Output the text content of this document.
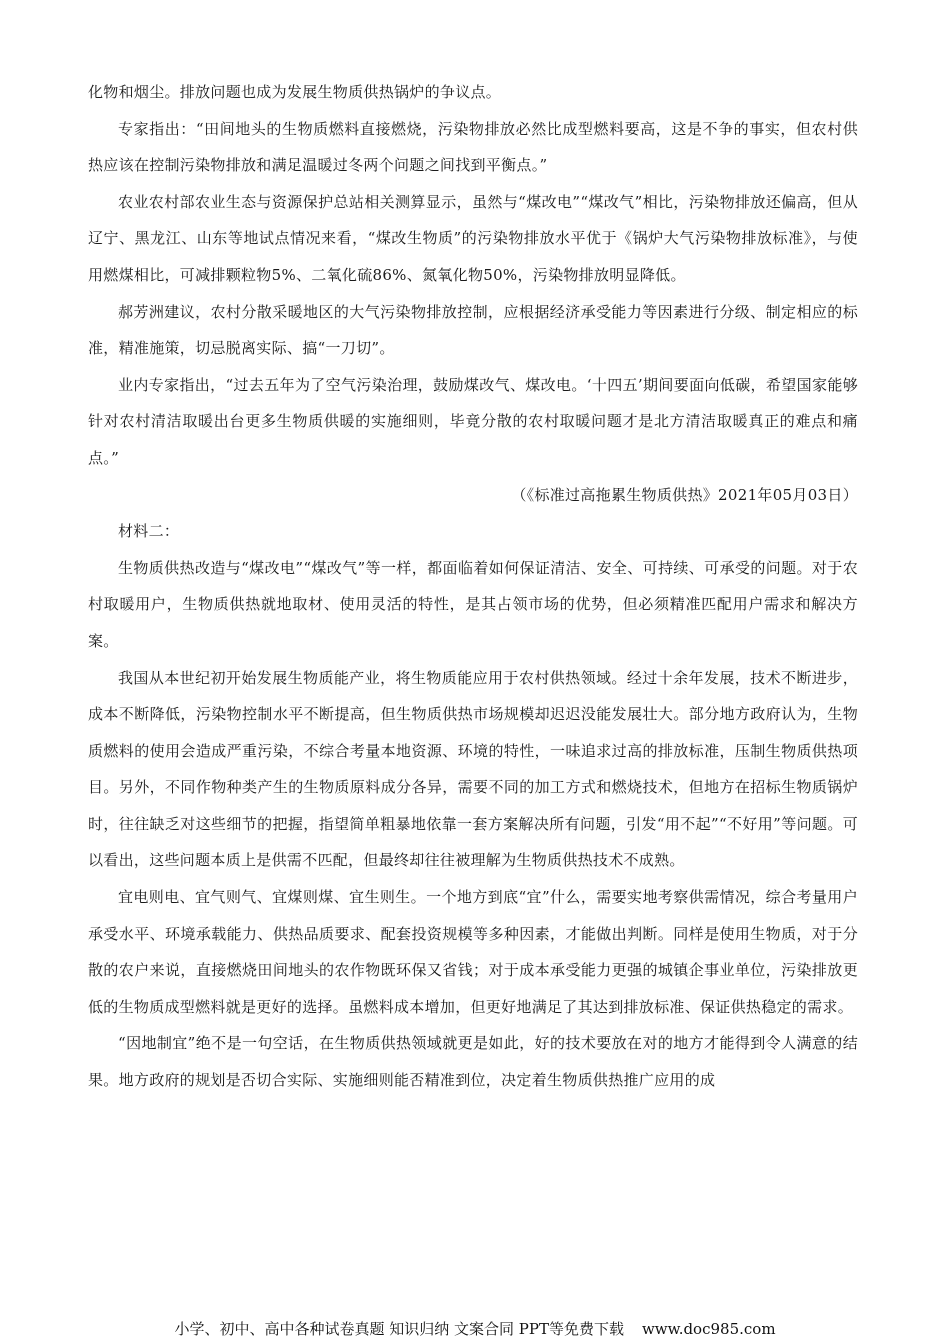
化物和烟尘。排放问题也成为发展生物质供热锅炉的争议点。

专家指出：“田间地头的生物质燃料直接燃烧，污染物排放必然比成型燃料要高，这是不争的事实，但农村供热应该在控制污染物排放和满足温暖过冬两个问题之间找到平衡点。”

农业农村部农业生态与资源保护总站相关测算显示，虽然与“煤改电”“煤改气”相比，污染物排放还偏高，但从辽宁、黑龙江、山东等地试点情况来看，“煤改生物质”的污染物排放水平优于《锅炉大气污染物排放标准》，与使用燃煤相比，可减排颗粒物5%、二氧化硫86%、氮氧化物50%，污染物排放明显降低。

郝芳洲建议，农村分散采暖地区的大气污染物排放控制，应根据经济承受能力等因素进行分级、制定相应的标准，精准施策，切忌脱离实际、搞“一刀切”。

业内专家指出，“过去五年为了空气污染治理，鼓励煤改气、煤改电。‘十四五’期间要面向低碳，希望国家能够针对农村清洁取暖出台更多生物质供暖的实施细则，毕竟分散的农村取暖问题才是北方清洁取暖真正的难点和痛点。”

（《标准过高拖累生物质供热》2021年05月03日）

材料二：

生物质供热改造与“煤改电”“煤改气”等一样，都面临着如何保证清洁、安全、可持续、可承受的问题。对于农村取暖用户，生物质供热就地取材、使用灵活的特性，是其占领市场的优势，但必须精准匹配用户需求和解决方案。

我国从本世纪初开始发展生物质能产业，将生物质能应用于农村供热领域。经过十余年发展，技术不断进步，成本不断降低，污染物控制水平不断提高，但生物质供热市场规模却迟迟没能发展壮大。部分地方政府认为，生物质燃料的使用会造成严重污染，不综合考量本地资源、环境的特性，一味追求过高的排放标准，压制生物质供热项目。另外，不同作物种类产生的生物质原料成分各异，需要不同的加工方式和燃烧技术，但地方在招标生物质锅炉时，往往缺乏对这些细节的把握，指望简单粗暴地依靠一套方案解决所有问题，引发“用不起”“不好用”等问题。可以看出，这些问题本质上是供需不匹配，但最终却往往被理解为生物质供热技术不成熟。

宜电则电、宜气则气、宜煤则煤、宜生则生。一个地方到底“宜”什么，需要实地考察供需情况，综合考量用户承受水平、环境承载能力、供热品质要求、配套投资规模等多种因素，才能做出判断。同样是使用生物质，对于分散的农户来说，直接燃烧田间地头的农作物既环保又省钱；对于成本承受能力更强的城镇企事业单位，污染排放更低的生物质成型燃料就是更好的选择。虽燃料成本增加，但更好地满足了其达到排放标准、保证供热稳定的需求。

“因地制宜”绝不是一句空话，在生物质供热领域就更是如此，好的技术要放在对的地方才能得到令人满意的结果。地方政府的规划是否切合实际、实施细则能否精准到位，决定着生物质供热推广应用的成

小学、初中、高中各种试卷真题 知识归纳 文案合同 PPT等免费下载 www.doc985.com
